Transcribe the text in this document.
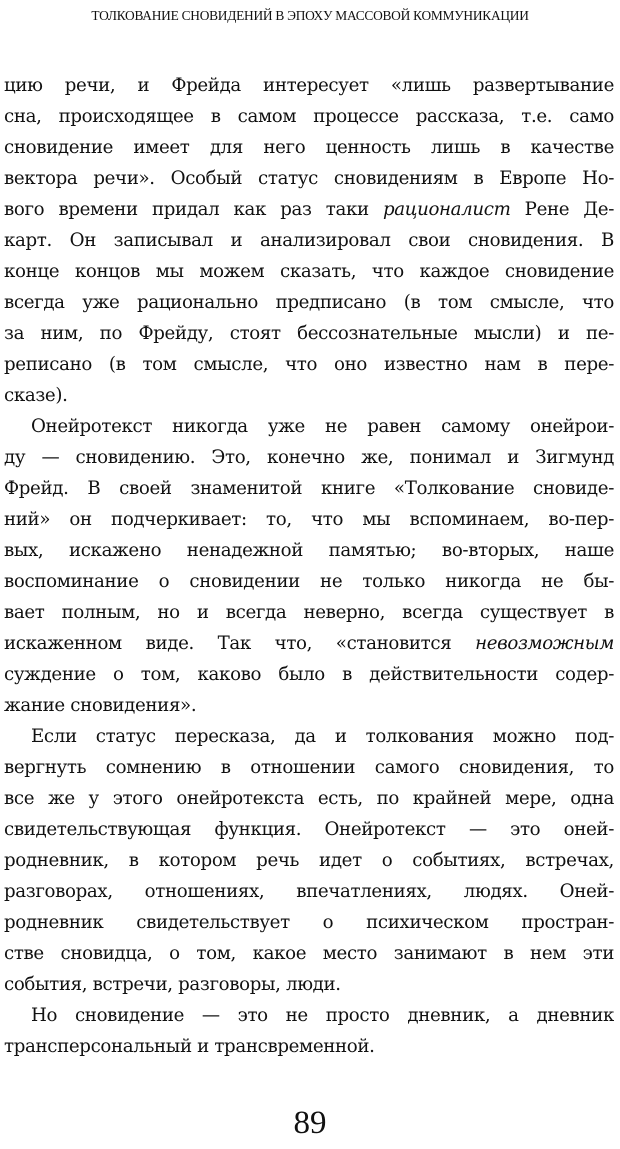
ТОЛКОВАНИЕ СНОВИДЕНИЙ В ЭПОХУ МАССОВОЙ КОММУНИКАЦИИ
цию речи, и Фрейда интересует «лишь развертывание
сна, происходящее в самом процессе рассказа, т.е. само
сновидение имеет для него ценность лишь в качестве
вектора речи». Особый статус сновидениям в Европе Но-
вого времени придал как раз таки рационалист Рене Де-
карт. Он записывал и анализировал свои сновидения. В
конце концов мы можем сказать, что каждое сновидение
всегда уже рационально предписано (в том смысле, что
за ним, по Фрейду, стоят бессознательные мысли) и пе-
реписано (в том смысле, что оно известно нам в пере-
сказе).
Онейротекст никогда уже не равен самому онейрои-
ду — сновидению. Это, конечно же, понимал и Зигмунд
Фрейд. В своей знаменитой книге «Толкование сновиде-
ний» он подчеркивает: то, что мы вспоминаем, во-пер-
вых, искажено ненадежной памятью; во-вторых, наше
воспоминание о сновидении не только никогда не бы-
вает полным, но и всегда неверно, всегда существует в
искаженном виде. Так что, «становится невозможным
суждение о том, каково было в действительности содер-
жание сновидения».
Если статус пересказа, да и толкования можно под-
вергнуть сомнению в отношении самого сновидения, то
все же у этого онейротекста есть, по крайней мере, одна
свидетельствующая функция. Онейротекст — это оней-
родневник, в котором речь идет о событиях, встречах,
разговорах, отношениях, впечатлениях, людях. Оней-
родневник свидетельствует о психическом простран-
стве сновидца, о том, какое место занимают в нем эти
события, встречи, разговоры, люди.
Но сновидение — это не просто дневник, а дневник
трансперсональный и трансвременной.
89
